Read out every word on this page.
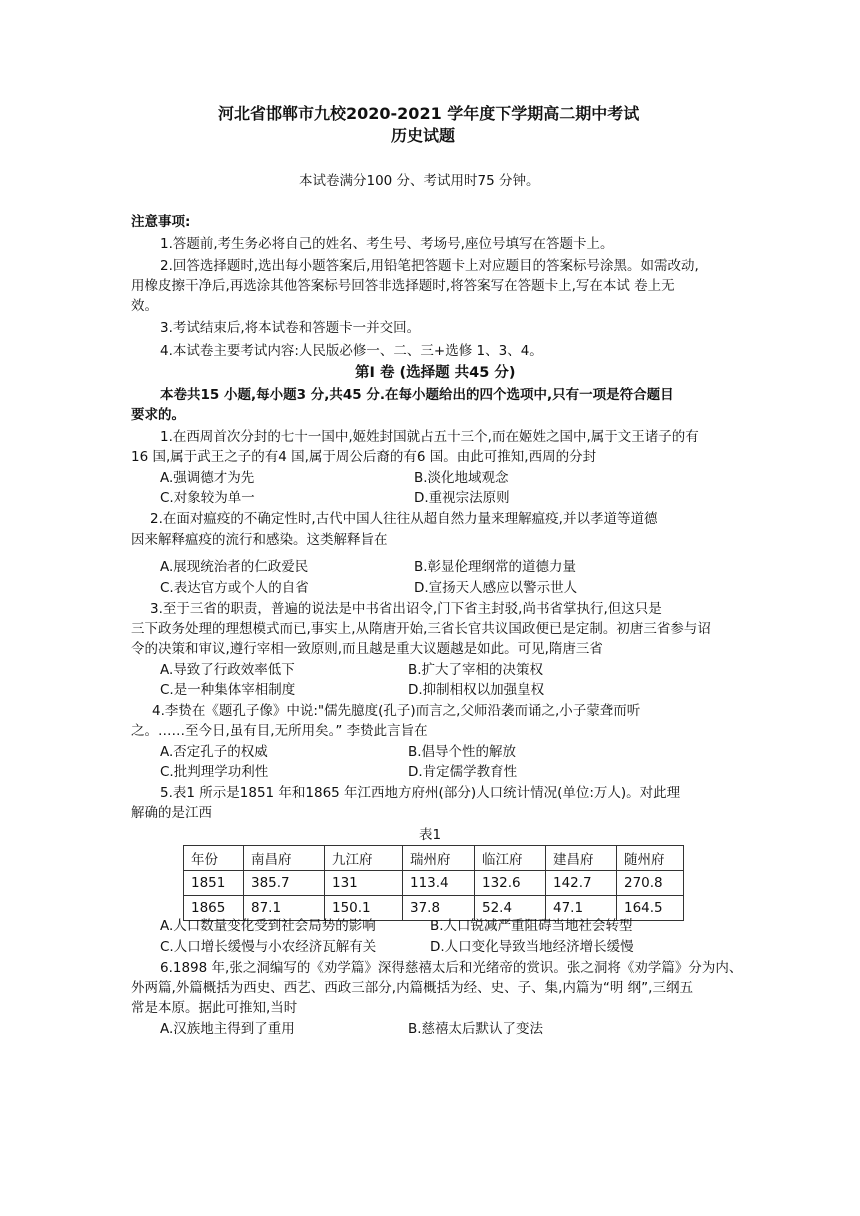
河北省邯郸市九校2020-2021 学年度下学期高二期中考试
历史试题
本试卷满分100 分、考试用时75 分钟。
注意事项:
1.答题前,考生务必将自己的姓名、考生号、考场号,座位号填写在答题卡上。
2.回答选择题时,选出每小题答案后,用铅笔把答题卡上对应题目的答案标号涂黑。如需改动,
用橡皮擦干净后,再选涂其他答案标号回答非选择题时,将答案写在答题卡上,写在本试 卷上无
效。
3.考试结束后,将本试卷和答题卡一并交回。
4.本试卷主要考试内容:人民版必修一、二、三+选修 1、3、4。
第I 卷 (选择题 共45 分)
本卷共15 小题,每小题3 分,共45 分.在每小题给出的四个选项中,只有一项是符合题目
要求的。
1.在西周首次分封的七十一国中,姬姓封国就占五十三个,而在姬姓之国中,属于文王诸子的有
16 国,属于武王之子的有4 国,属于周公后裔的有6 国。由此可推知,西周的分封
A.强调德才为先	B.淡化地域观念
C.对象较为单一	D.重视宗法原则
2.在面对瘟疫的不确定性时,古代中国人往往从超自然力量来理解瘟疫,并以孝道等道德
因来解释瘟疫的流行和感染。这类解释旨在
A.展现统治者的仁政爱民	B.彰显伦理纲常的道德力量
C.表达官方或个人的自省	D.宣扬天人感应以警示世人
3.至于三省的职责，普遍的说法是中书省出诏令,门下省主封驳,尚书省掌执行,但这只是
三下政务处理的理想模式而已,事实上,从隋唐开始,三省长官共议国政便已是定制。初唐三省参与诏
令的决策和审议,遵行宰相一致原则,而且越是重大议题越是如此。可见,隋唐三省
A.导致了行政效率低下	B.扩大了宰相的决策权
C.是一种集体宰相制度	D.抑制相权以加强皇权
4.李贽在《题孔子像》中说:"儒先臆度(孔子)而言之,父师沿袭而诵之,小子蒙聋而听
之。……至今日,虽有目,无所用矣。” 李贽此言旨在
A.否定孔子的权威	B.倡导个性的解放
C.批判理学功利性	D.肯定儒学教育性
5.表1 所示是1851 年和1865 年江西地方府州(部分)人口统计情况(单位:万人)。对此理
解确的是江西
表1
年份	南昌府	九江府	瑞州府	临江府	建昌府	随州府
1851	385.7	131	113.4	132.6	142.7	270.8
1865	87.1	150.1	37.8	52.4	47.1	164.5
A.人口数量变化受到社会局势的影响	B.人口锐减严重阻碍当地社会转型
C.人口增长缓慢与小农经济瓦解有关	D.人口变化导致当地经济增长缓慢
6.1898 年,张之洞编写的《劝学篇》深得慈禧太后和光绪帝的赏识。张之洞将《劝学篇》分为内、
外两篇,外篇概括为西史、西艺、西政三部分,内篇概括为经、史、子、集,内篇为“明 纲”,三纲五
常是本原。据此可推知,当时
A.汉族地主得到了重用	B.慈禧太后默认了变法
